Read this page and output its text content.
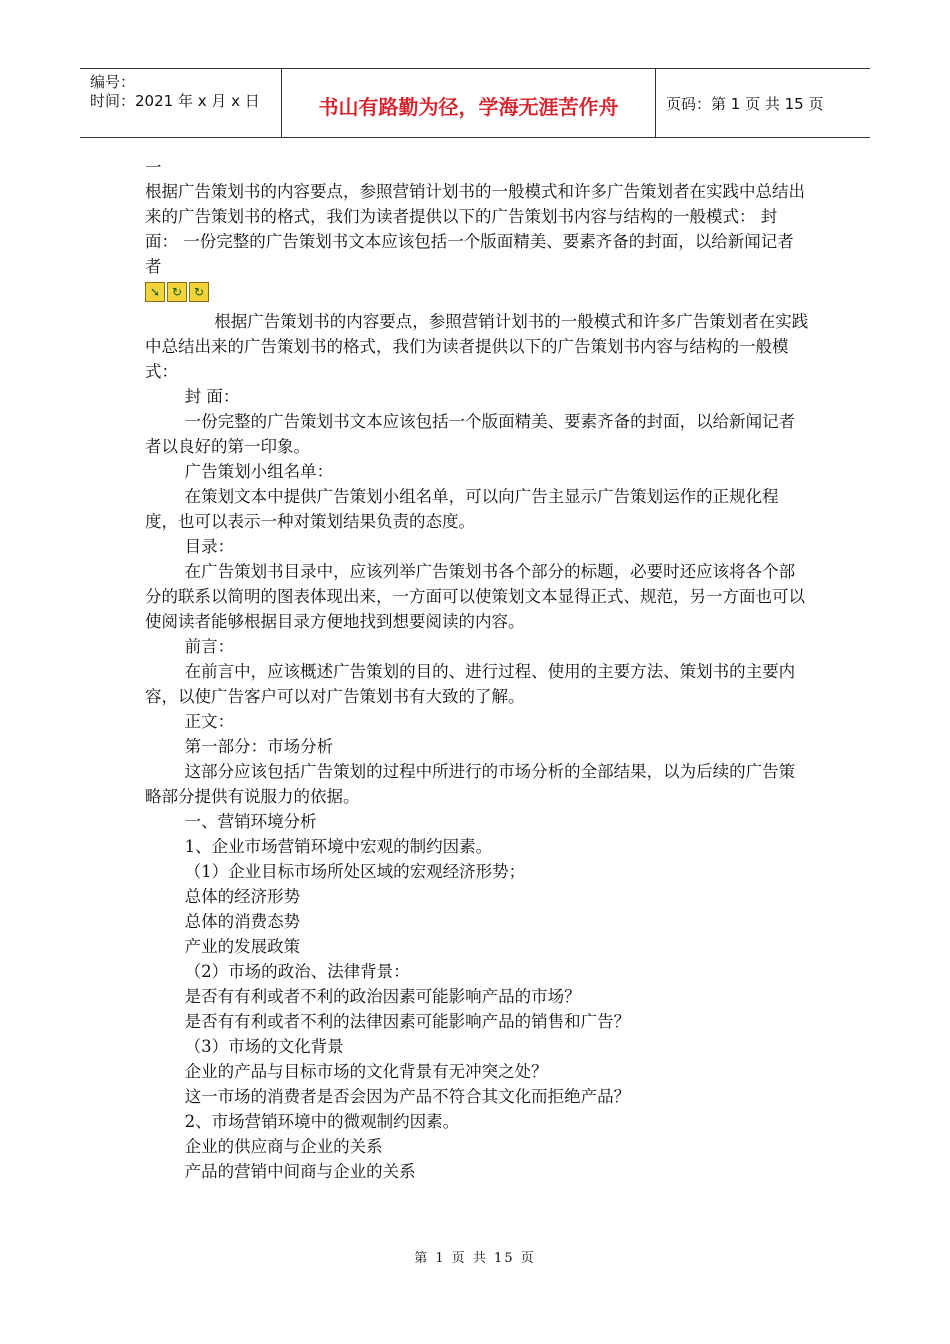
编号：
时间：2021 年 x 月 x 日	书山有路勤为径，学海无涯苦作舟	页码：第 1 页 共 15 页

一

根据广告策划书的内容要点，参照营销计划书的一般模式和许多广告策划者在实践中总结出来的广告策划书的格式，我们为读者提供以下的广告策划书内容与结构的一般模式： 封 面： 一份完整的广告策划书文本应该包括一个版面精美、要素齐备的封面，以给新闻记者者

➘ ↻ ↻

根据广告策划书的内容要点，参照营销计划书的一般模式和许多广告策划者在实践中总结出来的广告策划书的格式，我们为读者提供以下的广告策划书内容与结构的一般模式：

封 面：

一份完整的广告策划书文本应该包括一个版面精美、要素齐备的封面，以给新闻记者者以良好的第一印象。

广告策划小组名单：

在策划文本中提供广告策划小组名单，可以向广告主显示广告策划运作的正规化程度，也可以表示一种对策划结果负责的态度。

目录：

在广告策划书目录中，应该列举广告策划书各个部分的标题，必要时还应该将各个部分的联系以简明的图表体现出来，一方面可以使策划文本显得正式、规范，另一方面也可以使阅读者能够根据目录方便地找到想要阅读的内容。

前言：

在前言中，应该概述广告策划的目的、进行过程、使用的主要方法、策划书的主要内容，以使广告客户可以对广告策划书有大致的了解。

正文：

第一部分：市场分析

这部分应该包括广告策划的过程中所进行的市场分析的全部结果，以为后续的广告策略部分提供有说服力的依据。

一、营销环境分析

1、企业市场营销环境中宏观的制约因素。

（1）企业目标市场所处区域的宏观经济形势；

总体的经济形势

总体的消费态势

产业的发展政策

（2）市场的政治、法律背景：

是否有有利或者不利的政治因素可能影响产品的市场？

是否有有利或者不利的法律因素可能影响产品的销售和广告？

（3）市场的文化背景

企业的产品与目标市场的文化背景有无冲突之处？

这一市场的消费者是否会因为产品不符合其文化而拒绝产品？

2、市场营销环境中的微观制约因素。

企业的供应商与企业的关系

产品的营销中间商与企业的关系

第 1 页 共 15 页
